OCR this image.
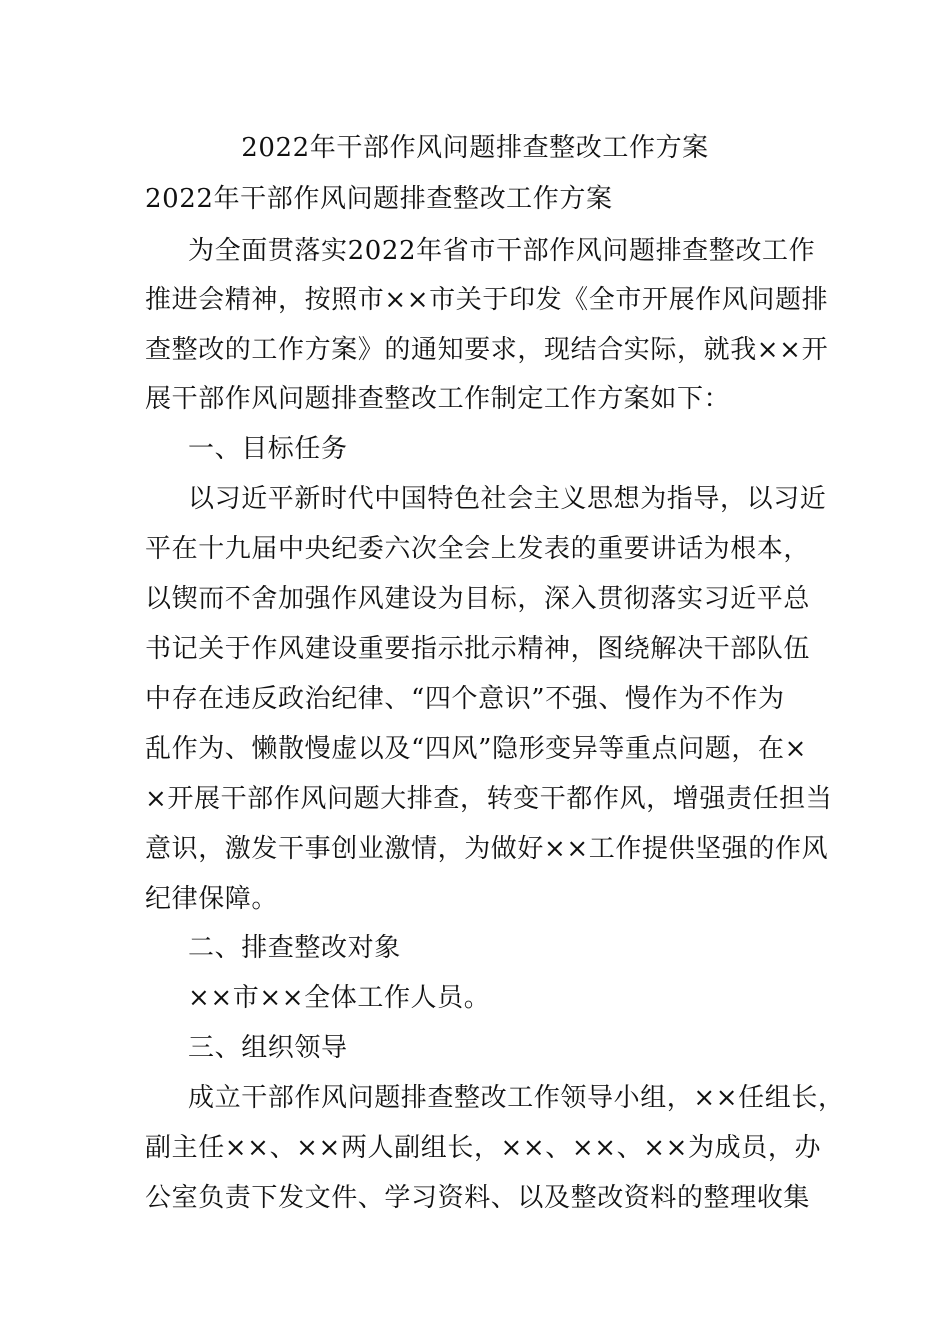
2022年干部作风问题排查整改工作方案

2022年干部作风问题排查整改工作方案

为全面贯落实2022年省市干部作风问题排查整改工作

推进会精神，按照市××市关于印发《全市开展作风问题排

查整改的工作方案》的通知要求，现结合实际，就我××开

展干部作风问题排查整改工作制定工作方案如下：

一、目标任务

以习近平新时代中国特色社会主义思想为指导，以习近

平在十九届中央纪委六次全会上发表的重要讲话为根本，

以锲而不舍加强作风建设为目标，深入贯彻落实习近平总

书记关于作风建设重要指示批示精神，图绕解决干部队伍

中存在违反政治纪律、“四个意识”不强、慢作为不作为

乱作为、懒散慢虚以及“四风”隐形变异等重点问题，在×

×开展干部作风问题大排查，转变干都作风，增强责任担当

意识，激发干事创业激情，为做好××工作提供坚强的作风

纪律保障。

二、排查整改对象

××市××全体工作人员。

三、组织领导

成立干部作风问题排查整改工作领导小组，××任组长，

副主任××、××两人副组长，××、××、××为成员，办

公室负责下发文件、学习资料、以及整改资料的整理收集
